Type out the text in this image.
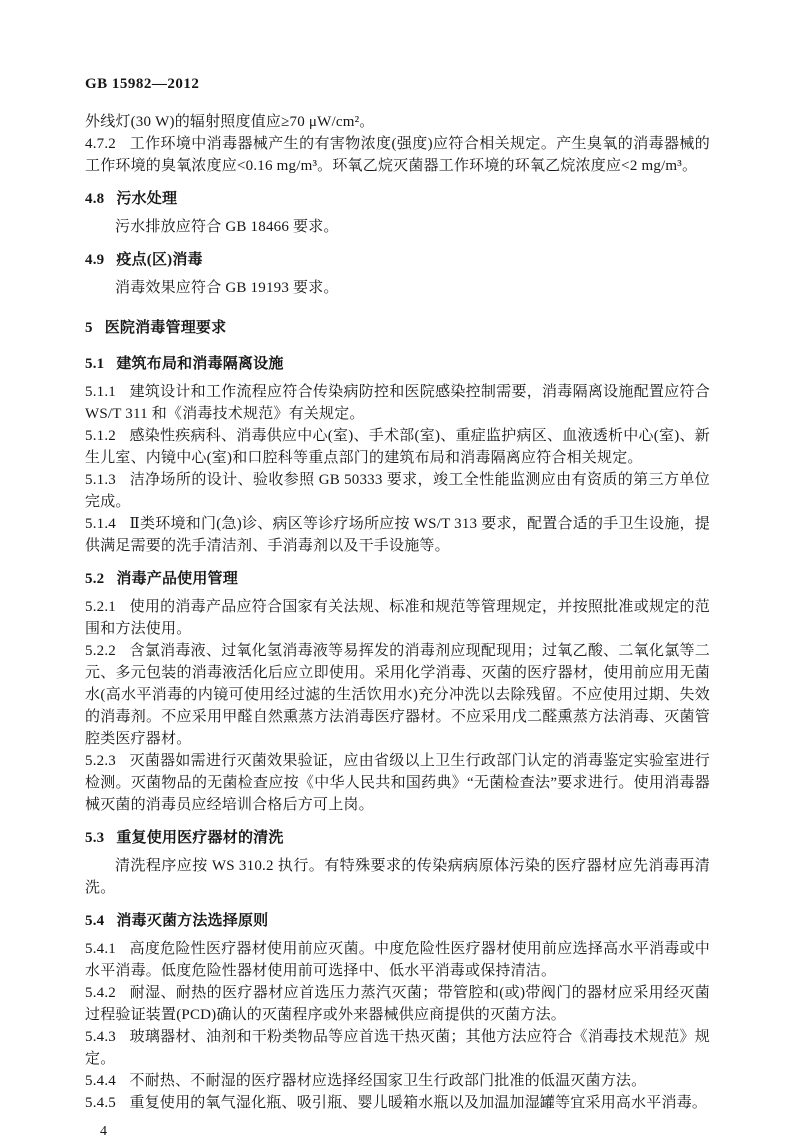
GB 15982—2012

外线灯(30 W)的辐射照度值应≥70 μW/cm²。

4.7.2 工作环境中消毒器械产生的有害物浓度(强度)应符合相关规定。产生臭氧的消毒器械的工作环境的臭氧浓度应<0.16 mg/m³。环氧乙烷灭菌器工作环境的环氧乙烷浓度应<2 mg/m³。

4.8 污水处理

污水排放应符合 GB 18466 要求。

4.9 疫点(区)消毒

消毒效果应符合 GB 19193 要求。

5 医院消毒管理要求

5.1 建筑布局和消毒隔离设施

5.1.1 建筑设计和工作流程应符合传染病防控和医院感染控制需要，消毒隔离设施配置应符合 WS/T 311 和《消毒技术规范》有关规定。

5.1.2 感染性疾病科、消毒供应中心(室)、手术部(室)、重症监护病区、血液透析中心(室)、新生儿室、内镜中心(室)和口腔科等重点部门的建筑布局和消毒隔离应符合相关规定。

5.1.3 洁净场所的设计、验收参照 GB 50333 要求，竣工全性能监测应由有资质的第三方单位完成。

5.1.4 Ⅱ类环境和门(急)诊、病区等诊疗场所应按 WS/T 313 要求，配置合适的手卫生设施，提供满足需要的洗手清洁剂、手消毒剂以及干手设施等。

5.2 消毒产品使用管理

5.2.1 使用的消毒产品应符合国家有关法规、标准和规范等管理规定，并按照批准或规定的范围和方法使用。

5.2.2 含氯消毒液、过氧化氢消毒液等易挥发的消毒剂应现配现用；过氧乙酸、二氧化氯等二元、多元包装的消毒液活化后应立即使用。采用化学消毒、灭菌的医疗器材，使用前应用无菌水(高水平消毒的内镜可使用经过滤的生活饮用水)充分冲洗以去除残留。不应使用过期、失效的消毒剂。不应采用甲醛自然熏蒸方法消毒医疗器材。不应采用戊二醛熏蒸方法消毒、灭菌管腔类医疗器材。

5.2.3 灭菌器如需进行灭菌效果验证，应由省级以上卫生行政部门认定的消毒鉴定实验室进行检测。灭菌物品的无菌检查应按《中华人民共和国药典》“无菌检查法”要求进行。使用消毒器械灭菌的消毒员应经培训合格后方可上岗。

5.3 重复使用医疗器材的清洗

清洗程序应按 WS 310.2 执行。有特殊要求的传染病病原体污染的医疗器材应先消毒再清洗。

5.4 消毒灭菌方法选择原则

5.4.1 高度危险性医疗器材使用前应灭菌。中度危险性医疗器材使用前应选择高水平消毒或中水平消毒。低度危险性器材使用前可选择中、低水平消毒或保持清洁。

5.4.2 耐湿、耐热的医疗器材应首选压力蒸汽灭菌；带管腔和(或)带阀门的器材应采用经灭菌过程验证装置(PCD)确认的灭菌程序或外来器械供应商提供的灭菌方法。

5.4.3 玻璃器材、油剂和干粉类物品等应首选干热灭菌；其他方法应符合《消毒技术规范》规定。

5.4.4 不耐热、不耐湿的医疗器材应选择经国家卫生行政部门批准的低温灭菌方法。

5.4.5 重复使用的氧气湿化瓶、吸引瓶、婴儿暖箱水瓶以及加温加湿罐等宜采用高水平消毒。

4
